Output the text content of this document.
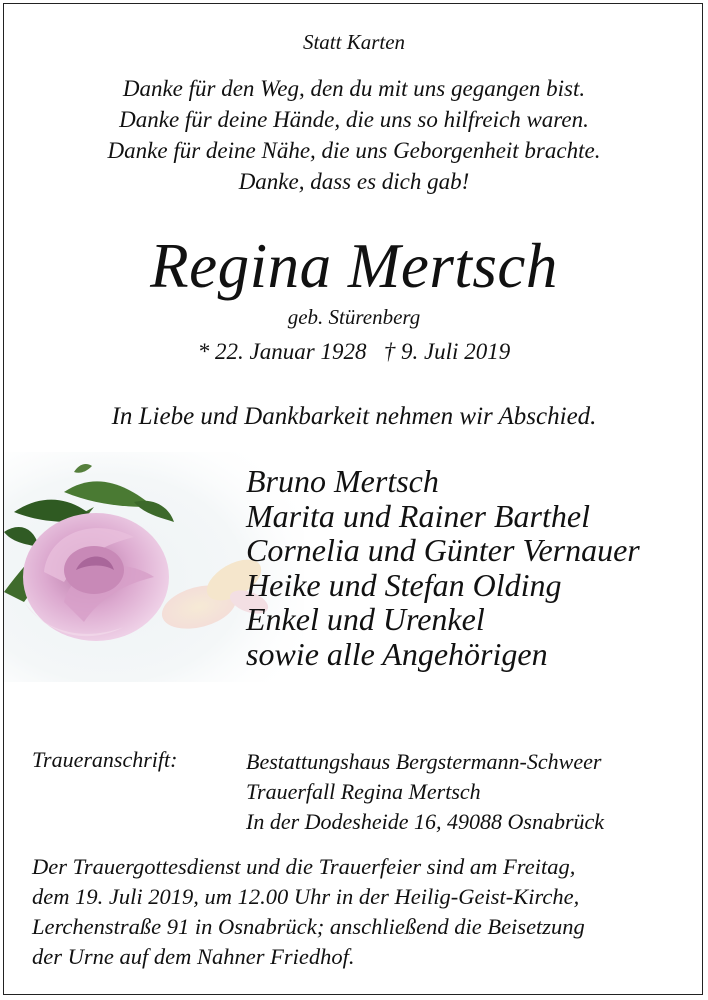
Statt Karten
Danke für den Weg, den du mit uns gegangen bist.
Danke für deine Hände, die uns so hilfreich waren.
Danke für deine Nähe, die uns Geborgenheit brachte.
Danke, dass es dich gab!
Regina Mertsch
geb. Stürenberg
* 22. Januar 1928   † 9. Juli 2019
In Liebe und Dankbarkeit nehmen wir Abschied.
Bruno Mertsch
Marita und Rainer Barthel
Cornelia und Günter Vernauer
Heike und Stefan Olding
Enkel und Urenkel
sowie alle Angehörigen
Traueranschrift:	Bestattungshaus Bergstermann-Schweer
Trauerfall Regina Mertsch
In der Dodesheide 16, 49088 Osnabrück
Der Trauergottesdienst und die Trauerfeier sind am Freitag,
dem 19. Juli 2019, um 12.00 Uhr in der Heilig-Geist-Kirche,
Lerchenstraße 91 in Osnabrück; anschließend die Beisetzung
der Urne auf dem Nahner Friedhof.
